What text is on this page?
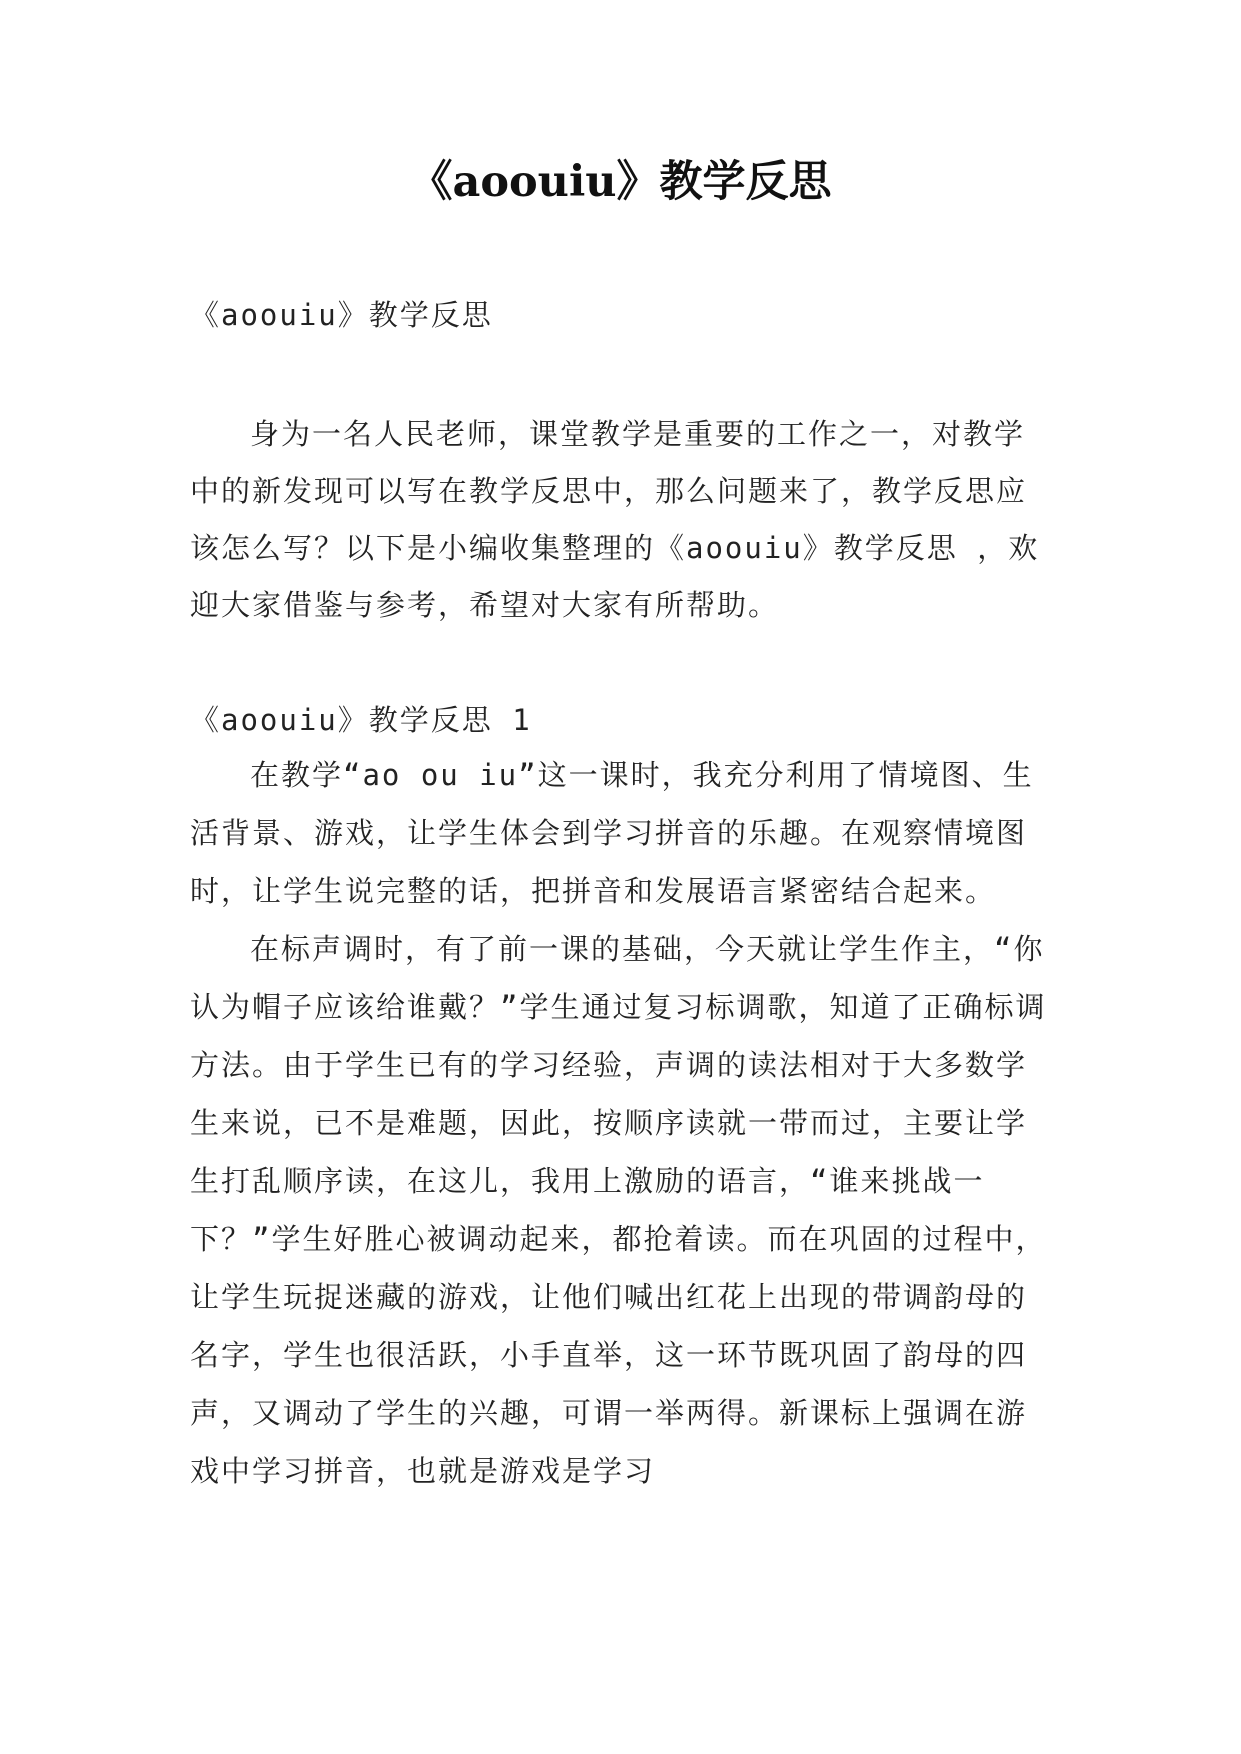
《aoouiu》教学反思

《aoouiu》教学反思

身为一名人民老师，课堂教学是重要的工作之一，对教学中的新发现可以写在教学反思中，那么问题来了，教学反思应该怎么写？以下是小编收集整理的《aoouiu》教学反思 ，欢迎大家借鉴与参考，希望对大家有所帮助。

《aoouiu》教学反思 1

在教学“ao ou iu”这一课时，我充分利用了情境图、生活背景、游戏，让学生体会到学习拼音的乐趣。在观察情境图时，让学生说完整的话，把拼音和发展语言紧密结合起来。

在标声调时，有了前一课的基础，今天就让学生作主，“你认为帽子应该给谁戴？”学生通过复习标调歌，知道了正确标调方法。由于学生已有的学习经验，声调的读法相对于大多数学生来说，已不是难题，因此，按顺序读就一带而过，主要让学生打乱顺序读，在这儿，我用上激励的语言，“谁来挑战一下？”学生好胜心被调动起来，都抢着读。而在巩固的过程中，让学生玩捉迷藏的游戏，让他们喊出红花上出现的带调韵母的名字，学生也很活跃，小手直举，这一环节既巩固了韵母的四声，又调动了学生的兴趣，可谓一举两得。新课标上强调在游戏中学习拼音，也就是游戏是学习
